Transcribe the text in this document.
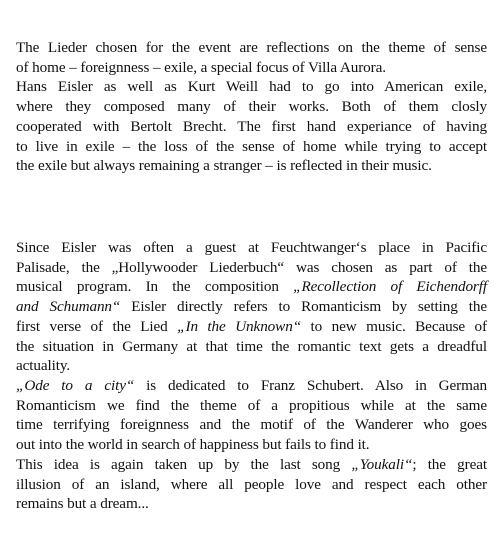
The Lieder chosen for the event are reflections on the theme of sense
of home – foreignness – exile, a special focus of Villa Aurora.
Hans Eisler as well as Kurt Weill had to go into American exile,
where they composed many of their works. Both of them closly
cooperated with Bertolt Brecht. The first hand experiance of having
to live in exile – the loss of the sense of home while trying to accept
the exile but always remaining a stranger – is reflected in their music.
Since Eisler was often a guest at Feuchtwanger‘s place in Pacific
Palisade, the „Hollywooder Liederbuch“ was chosen as part of the
musical program. In the composition „Recollection of Eichendorff
and Schumann“ Eisler directly refers to Romanticism by setting the
first verse of the Lied „In the Unknown“ to new music. Because of
the situation in Germany at that time the romantic text gets a dreadful
actuality.
„Ode to a city“ is dedicated to Franz Schubert. Also in German
Romanticism we find the theme of a propitious while at the same
time terrifying foreignness and the motif of the Wanderer who goes
out into the world in search of happiness but fails to find it.
This idea is again taken up by the last song „Youkali“; the great
illusion of an island, where all people love and respect each other
remains but a dream...
